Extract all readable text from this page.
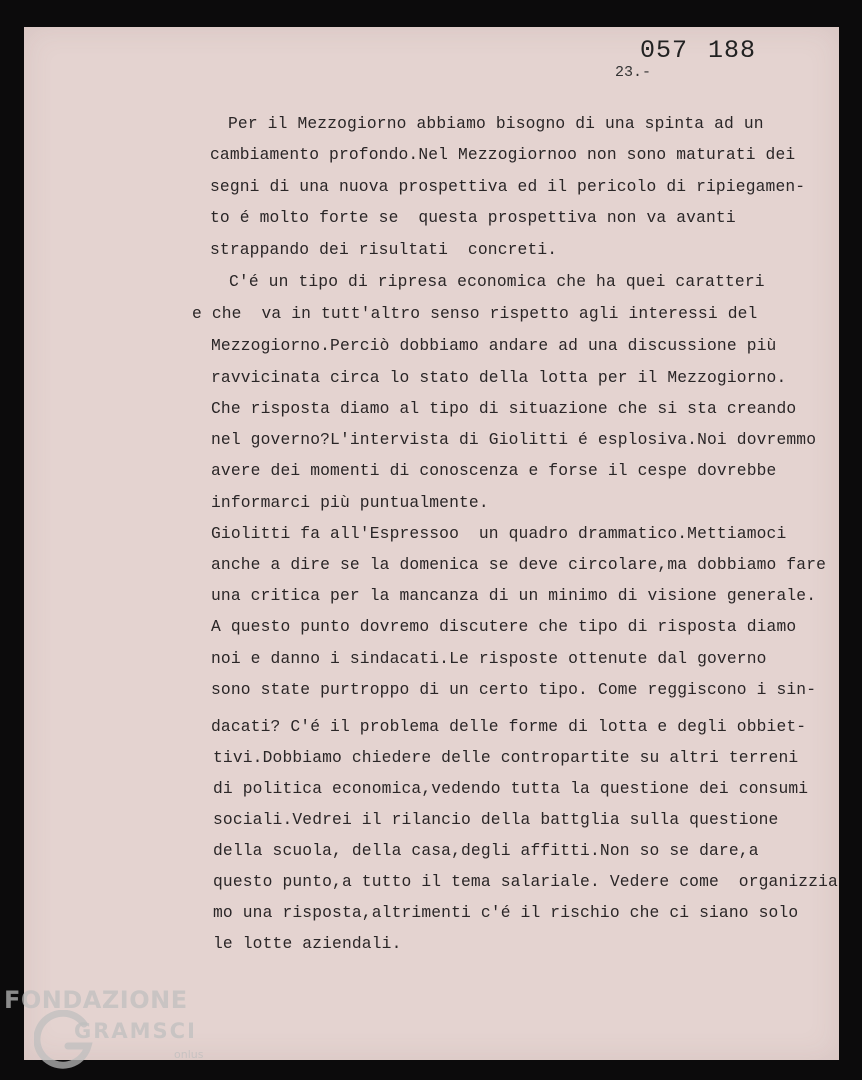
057 188
23.-
Per il Mezzogiorno abbiamo bisogno di una spinta ad un
cambiamento profondo.Nel Mezzogiornoo non sono maturati dei
segni di una nuova prospettiva ed il pericolo di ripiegamen-
to é molto forte se  questa prospettiva non va avanti
strappando dei risultati  concreti.
C'é un tipo di ripresa economica che ha quei caratteri
e che  va in tutt'altro senso rispetto agli interessi del
Mezzogiorno.Perciò dobbiamo andare ad una discussione più
ravvicinata circa lo stato della lotta per il Mezzogiorno.
Che risposta diamo al tipo di situazione che si sta creando
nel governo?L'intervista di Giolitti é esplosiva.Noi dovremmo
avere dei momenti di conoscenza e forse il cespe dovrebbe
informarci più puntualmente.
Giolitti fa all'Espressoo  un quadro drammatico.Mettiamoci
anche a dire se la domenica se deve circolare,ma dobbiamo fare
una critica per la mancanza di un minimo di visione generale.
A questo punto dovremo discutere che tipo di risposta diamo
noi e danno i sindacati.Le risposte ottenute dal governo
sono state purtroppo di un certo tipo. Come reggiscono i sin-
dacati? C'é il problema delle forme di lotta e degli obbiet-
tivi.Dobbiamo chiedere delle contropartite su altri terreni
di politica economica,vedendo tutta la questione dei consumi
sociali.Vedrei il rilancio della battglia sulla questione
della scuola, della casa,degli affitti.Non so se dare,a
questo punto,a tutto il tema salariale. Vedere come  organizzia
mo una risposta,altrimenti c'é il rischio che ci siano solo
le lotte aziendali.
FONDAZIONE
GRAMSCI
onlus
